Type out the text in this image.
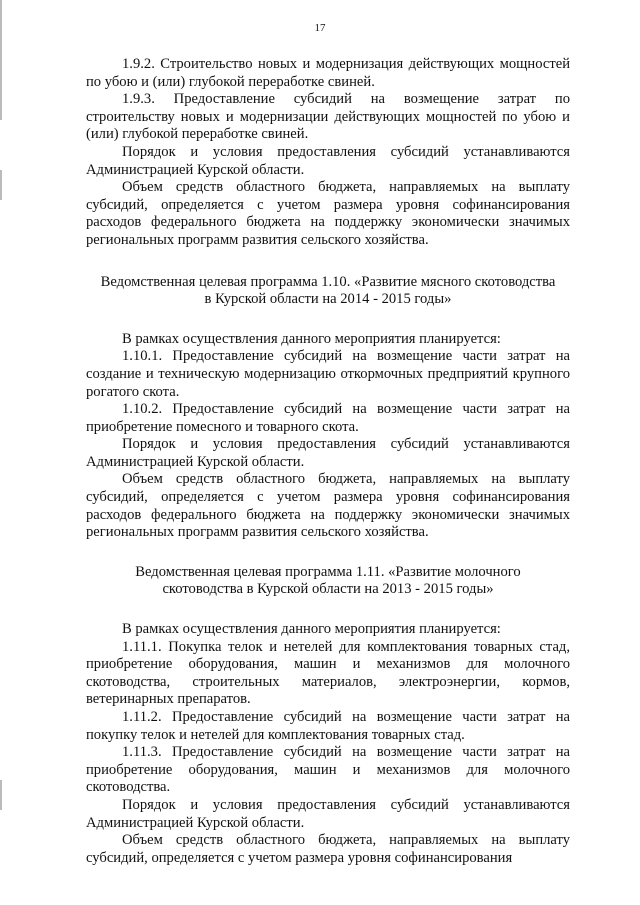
17

1.9.2. Строительство новых и модернизация действующих мощностей по убою и (или) глубокой переработке свиней.

1.9.3. Предоставление субсидий на возмещение затрат по строительству новых и модернизации действующих мощностей по убою и (или) глубокой переработке свиней.

Порядок и условия предоставления субсидий устанавливаются Администрацией Курской области.

Объем средств областного бюджета, направляемых на выплату субсидий, определяется с учетом размера уровня софинансирования расходов федерального бюджета на поддержку экономически значимых региональных программ развития сельского хозяйства.

Ведомственная целевая программа 1.10. «Развитие мясного скотоводства в Курской области на 2014 - 2015 годы»

В рамках осуществления данного мероприятия планируется:

1.10.1. Предоставление субсидий на возмещение части затрат на создание и техническую модернизацию откормочных предприятий крупного рогатого скота.

1.10.2. Предоставление субсидий на возмещение части затрат на приобретение помесного и товарного скота.

Порядок и условия предоставления субсидий устанавливаются Администрацией Курской области.

Объем средств областного бюджета, направляемых на выплату субсидий, определяется с учетом размера уровня софинансирования расходов федерального бюджета на поддержку экономически значимых региональных программ развития сельского хозяйства.

Ведомственная целевая программа 1.11. «Развитие молочного скотоводства в Курской области на 2013 - 2015 годы»

В рамках осуществления данного мероприятия планируется:

1.11.1. Покупка телок и нетелей для комплектования товарных стад, приобретение оборудования, машин и механизмов для молочного скотоводства, строительных материалов, электроэнергии, кормов, ветеринарных препаратов.

1.11.2. Предоставление субсидий на возмещение части затрат на покупку телок и нетелей для комплектования товарных стад.

1.11.3. Предоставление субсидий на возмещение части затрат на приобретение оборудования, машин и механизмов для молочного скотоводства.

Порядок и условия предоставления субсидий устанавливаются Администрацией Курской области.

Объем средств областного бюджета, направляемых на выплату субсидий, определяется с учетом размера уровня софинансирования
